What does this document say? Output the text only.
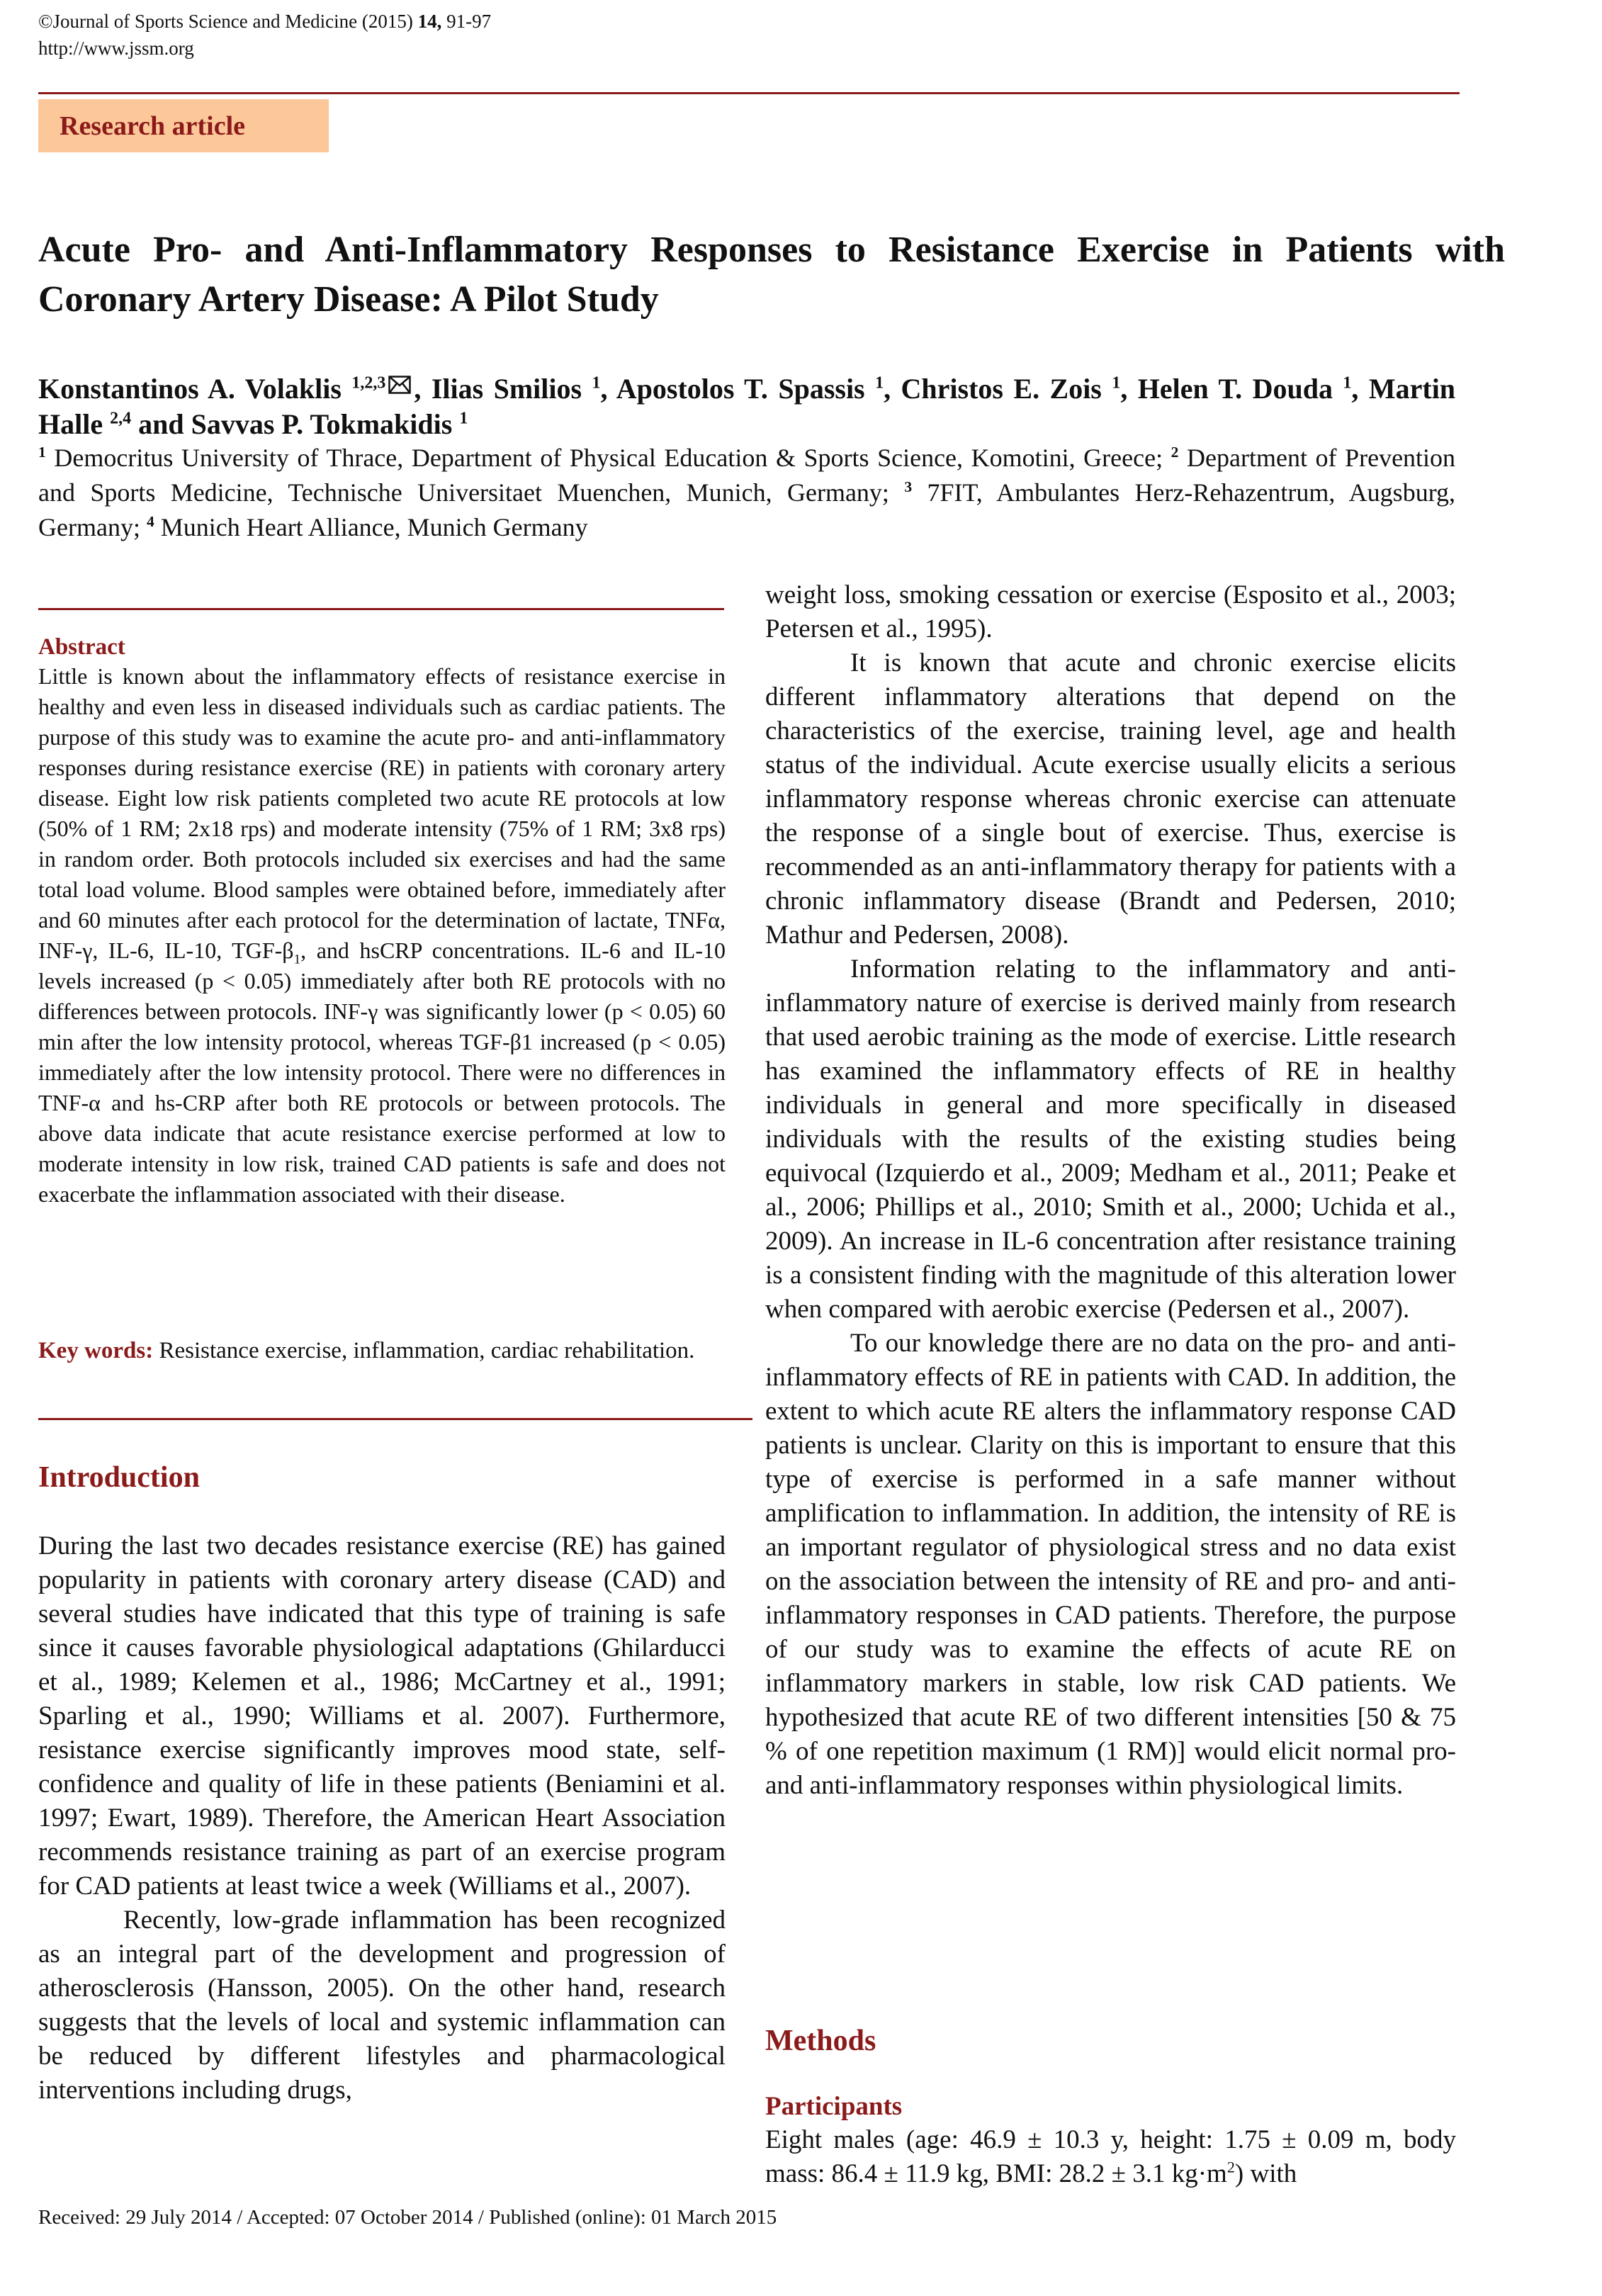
©Journal of Sports Science and Medicine (2015) 14, 91-97
http://www.jssm.org
Research article
Acute Pro- and Anti-Inflammatory Responses to Resistance Exercise in Patients with Coronary Artery Disease: A Pilot Study
Konstantinos A. Volaklis $^{1,2,3}$ , Ilias Smilios $^1$, Apostolos T. Spassis $^1$, Christos E. Zois $^1$, Helen T. Douda $^1$, Martin Halle $^{2,4}$ and Savvas P. Tokmakidis $^1$
$^1$ Democritus University of Thrace, Department of Physical Education & Sports Science, Komotini, Greece; $^2$ Department of Prevention and Sports Medicine, Technische Universitaet Muenchen, Munich, Germany; $^3$ 7FIT, Ambulantes Herz-Rehazentrum, Augsburg, Germany; $^4$ Munich Heart Alliance, Munich Germany
Abstract

Little is known about the inflammatory effects of resistance exercise in healthy and even less in diseased individuals such as cardiac patients. The purpose of this study was to examine the acute pro- and anti-inflammatory responses during resistance exercise (RE) in patients with coronary artery disease. Eight low risk patients completed two acute RE protocols at low (50% of 1 RM; 2x18 rps) and moderate intensity (75% of 1 RM; 3x8 rps) in random order. Both protocols included six exercises and had the same total load volume. Blood samples were obtained before, immediately after and 60 minutes after each protocol for the determination of lactate, TNFα, INF-γ, IL-6, IL-10, TGF-$\beta_1$, and hsCRP concentrations. IL-6 and IL-10 levels increased (p < 0.05) immediately after both RE protocols with no differences between protocols. INF-γ was significantly lower (p < 0.05) 60 min after the low intensity protocol, whereas TGF-β1 increased (p < 0.05) immediately after the low intensity protocol. There were no differences in TNF-α and hs-CRP after both RE protocols or between protocols. The above data indicate that acute resistance exercise performed at low to moderate intensity in low risk, trained CAD patients is safe and does not exacerbate the inflammation associated with their disease.

Key words: Resistance exercise, inflammation, cardiac rehabilitation.

Introduction

During the last two decades resistance exercise (RE) has gained popularity in patients with coronary artery disease (CAD) and several studies have indicated that this type of training is safe since it causes favorable physiological adaptations (Ghilarducci et al., 1989; Kelemen et al., 1986; McCartney et al., 1991; Sparling et al., 1990; Williams et al. 2007). Furthermore, resistance exercise significantly improves mood state, self-confidence and quality of life in these patients (Beniamini et al. 1997; Ewart, 1989). Therefore, the American Heart Association recommends resistance training as part of an exercise program for CAD patients at least twice a week (Williams et al., 2007).

Recently, low-grade inflammation has been recognized as an integral part of the development and progression of atherosclerosis (Hansson, 2005). On the other hand, research suggests that the levels of local and systemic inflammation can be reduced by different lifestyles and pharmacological interventions including drugs,

weight loss, smoking cessation or exercise (Esposito et al., 2003; Petersen et al., 1995).

It is known that acute and chronic exercise elicits different inflammatory alterations that depend on the characteristics of the exercise, training level, age and health status of the individual. Acute exercise usually elicits a serious inflammatory response whereas chronic exercise can attenuate the response of a single bout of exercise. Thus, exercise is recommended as an anti-inflammatory therapy for patients with a chronic inflammatory disease (Brandt and Pedersen, 2010; Mathur and Pedersen, 2008).

Information relating to the inflammatory and anti-inflammatory nature of exercise is derived mainly from research that used aerobic training as the mode of exercise. Little research has examined the inflammatory effects of RE in healthy individuals in general and more specifically in diseased individuals with the results of the existing studies being equivocal (Izquierdo et al., 2009; Medham et al., 2011; Peake et al., 2006; Phillips et al., 2010; Smith et al., 2000; Uchida et al., 2009). An increase in IL-6 concentration after resistance training is a consistent finding with the magnitude of this alteration lower when compared with aerobic exercise (Pedersen et al., 2007).

To our knowledge there are no data on the pro- and anti-inflammatory effects of RE in patients with CAD. In addition, the extent to which acute RE alters the inflammatory response CAD patients is unclear. Clarity on this is important to ensure that this type of exercise is performed in a safe manner without amplification to inflammation. In addition, the intensity of RE is an important regulator of physiological stress and no data exist on the association between the intensity of RE and pro- and anti-inflammatory responses in CAD patients. Therefore, the purpose of our study was to examine the effects of acute RE on inflammatory markers in stable, low risk CAD patients. We hypothesized that acute RE of two different intensities [50 & 75 % of one repetition maximum (1 RM)] would elicit normal pro- and anti-inflammatory responses within physiological limits.

Methods
Participants

Eight males (age: 46.9 ± 10.3 y, height: 1.75 ± 0.09 m, body mass: 86.4 ± 11.9 kg, BMI: 28.2 ± 3.1 $kg\cdot m^2$) with

Received: 29 July 2014 / Accepted: 07 October 2014 / Published (online): 01 March 2015
